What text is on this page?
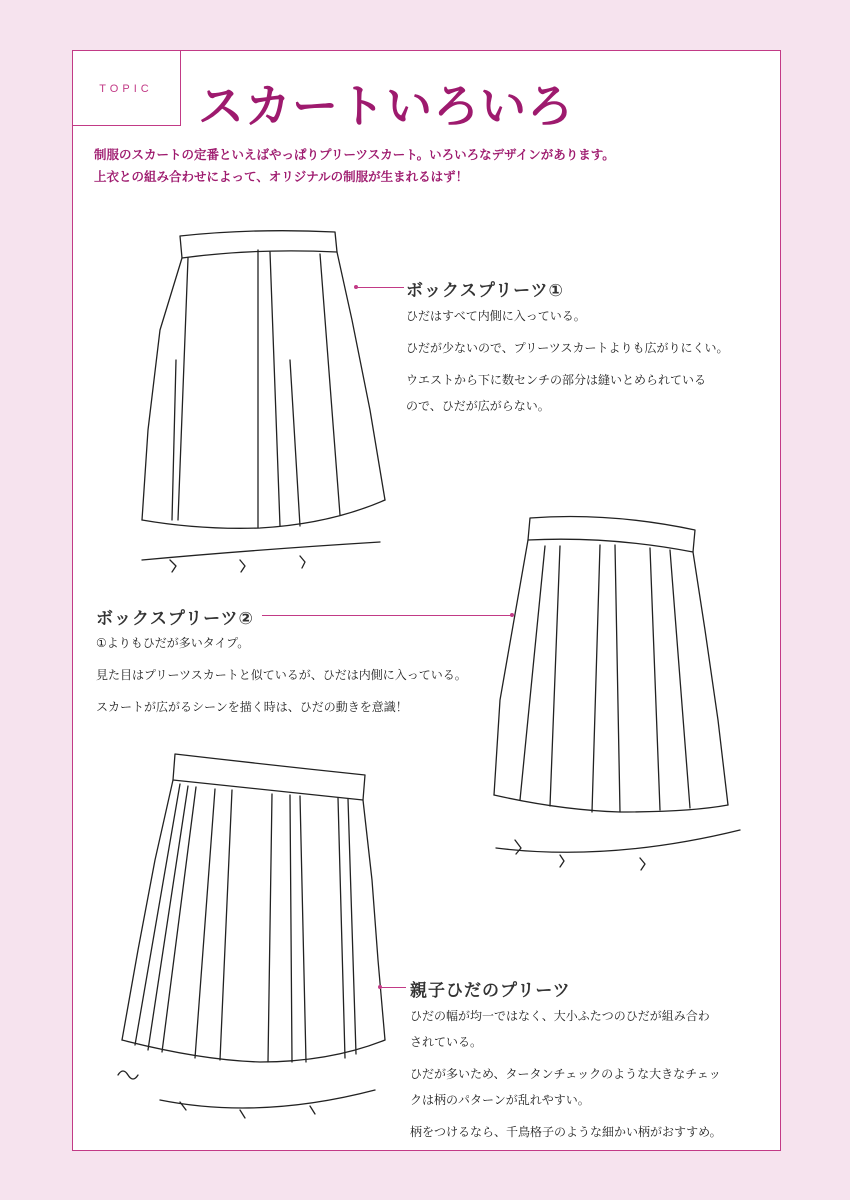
TOPIC スカートいろいろ
制服のスカートの定番といえばやっぱりプリーツスカート。いろいろなデザインがあります。
上衣との組み合わせによって、オリジナルの制服が生まれるはず！
ボックスプリーツ①
ひだはすべて内側に入っている。
ひだが少ないので、プリーツスカートよりも広がりにくい。
ウエストから下に数センチの部分は縫いとめられている
ので、ひだが広がらない。
ボックスプリーツ②
①よりもひだが多いタイプ。
見た目はプリーツスカートと似ているが、ひだは内側に入っている。
スカートが広がるシーンを描く時は、ひだの動きを意識！
親子ひだのプリーツ
ひだの幅が均一ではなく、大小ふたつのひだが組み合わ
されている。
ひだが多いため、タータンチェックのような大きなチェッ
クは柄のパターンが乱れやすい。
柄をつけるなら、千鳥格子のような細かい柄がおすすめ。
